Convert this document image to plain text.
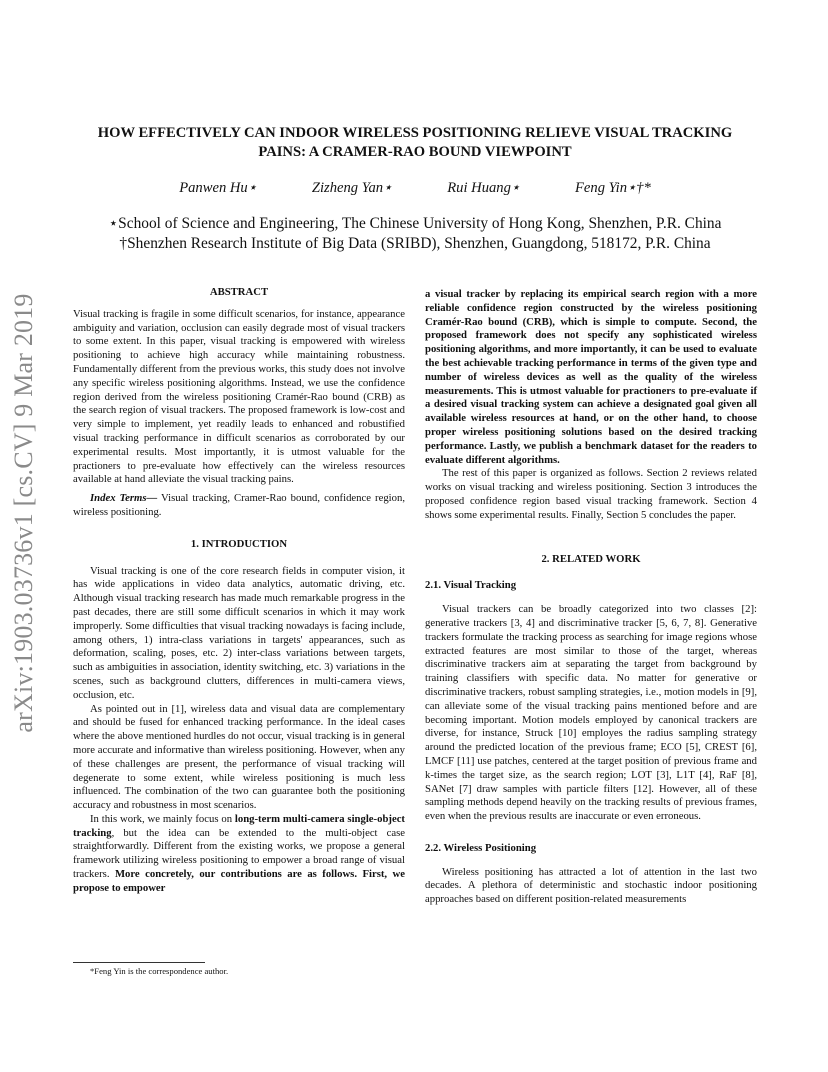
arXiv:1903.03736v1 [cs.CV] 9 Mar 2019
HOW EFFECTIVELY CAN INDOOR WIRELESS POSITIONING RELIEVE VISUAL TRACKING PAINS: A CRAMER-RAO BOUND VIEWPOINT
Panwen Hu⋆	Zizheng Yan⋆	Rui Huang⋆	Feng Yin⋆†*
⋆School of Science and Engineering, The Chinese University of Hong Kong, Shenzhen, P.R. China
†Shenzhen Research Institute of Big Data (SRIBD), Shenzhen, Guangdong, 518172, P.R. China
ABSTRACT

Visual tracking is fragile in some difficult scenarios, for instance, appearance ambiguity and variation, occlusion can easily degrade most of visual trackers to some extent. In this paper, visual tracking is empowered with wireless positioning to achieve high accuracy while maintaining robustness. Fundamentally different from the previous works, this study does not involve any specific wireless positioning algorithms. Instead, we use the confidence region derived from the wireless positioning Cramér-Rao bound (CRB) as the search region of visual trackers. The proposed framework is low-cost and very simple to implement, yet readily leads to enhanced and robustified visual tracking performance in difficult scenarios as corroborated by our experimental results. Most importantly, it is utmost valuable for the practioners to pre-evaluate how effectively can the wireless resources available at hand alleviate the visual tracking pains.

Index Terms— Visual tracking, Cramer-Rao bound, confidence region, wireless positioning.

1. INTRODUCTION

Visual tracking is one of the core research fields in computer vision, it has wide applications in video data analytics, automatic driving, etc. Although visual tracking research has made much remarkable progress in the past decades, there are still some difficult scenarios in which it may work improperly. Some difficulties that visual tracking nowadays is facing include, among others, 1) intra-class variations in targets' appearances, such as deformation, scaling, poses, etc. 2) inter-class variations between targets, such as ambiguities in association, identity switching, etc. 3) variations in the scenes, such as background clutters, differences in multi-camera views, occlusion, etc.

As pointed out in [1], wireless data and visual data are complementary and should be fused for enhanced tracking performance. In the ideal cases where the above mentioned hurdles do not occur, visual tracking is in general more accurate and informative than wireless positioning. However, when any of these challenges are present, the performance of visual tracking will degenerate to some extent, while wireless positioning is much less influenced. The combination of the two can guarantee both the positioning accuracy and robustness in most scenarios.

In this work, we mainly focus on long-term multi-camera single-object tracking, but the idea can be extended to the multi-object case straightforwardly. Different from the existing works, we propose a general framework utilizing wireless positioning to empower a broad range of visual trackers. More concretely, our contributions are as follows. First, we propose to empower

a visual tracker by replacing its empirical search region with a more reliable confidence region constructed by the wireless positioning Cramér-Rao bound (CRB), which is simple to compute. Second, the proposed framework does not specify any sophisticated wireless positioning algorithms, and more importantly, it can be used to evaluate the best achievable tracking performance in terms of the given type and number of wireless devices as well as the quality of the wireless measurements. This is utmost valuable for practioners to pre-evaluate if a desired visual tracking system can achieve a designated goal given all available wireless resources at hand, or on the other hand, to choose proper wireless positioning solutions based on the desired tracking performance. Lastly, we publish a benchmark dataset for the readers to evaluate different algorithms.

The rest of this paper is organized as follows. Section 2 reviews related works on visual tracking and wireless positioning. Section 3 introduces the proposed confidence region based visual tracking framework. Section 4 shows some experimental results. Finally, Section 5 concludes the paper.

2. RELATED WORK
2.1. Visual Tracking

Visual trackers can be broadly categorized into two classes [2]: generative trackers [3, 4] and discriminative tracker [5, 6, 7, 8]. Generative trackers formulate the tracking process as searching for image regions whose extracted features are most similar to those of the target, whereas discriminative trackers aim at separating the target from background by training classifiers with specific data. No matter for generative or discriminative trackers, robust sampling strategies, i.e., motion models in [9], can alleviate some of the visual tracking pains mentioned before and are becoming important. Motion models employed by canonical trackers are diverse, for instance, Struck [10] employes the radius sampling strategy around the predicted location of the previous frame; ECO [5], CREST [6], LMCF [11] use patches, centered at the target position of previous frame and k-times the target size, as the search region; LOT [3], L1T [4], RaF [8], SANet [7] draw samples with particle filters [12]. However, all of these sampling methods depend heavily on the tracking results of previous frames, even when the previous results are inaccurate or even erroneous.

2.2. Wireless Positioning

Wireless positioning has attracted a lot of attention in the last two decades. A plethora of deterministic and stochastic indoor positioning approaches based on different position-related measurements

*Feng Yin is the correspondence author.
